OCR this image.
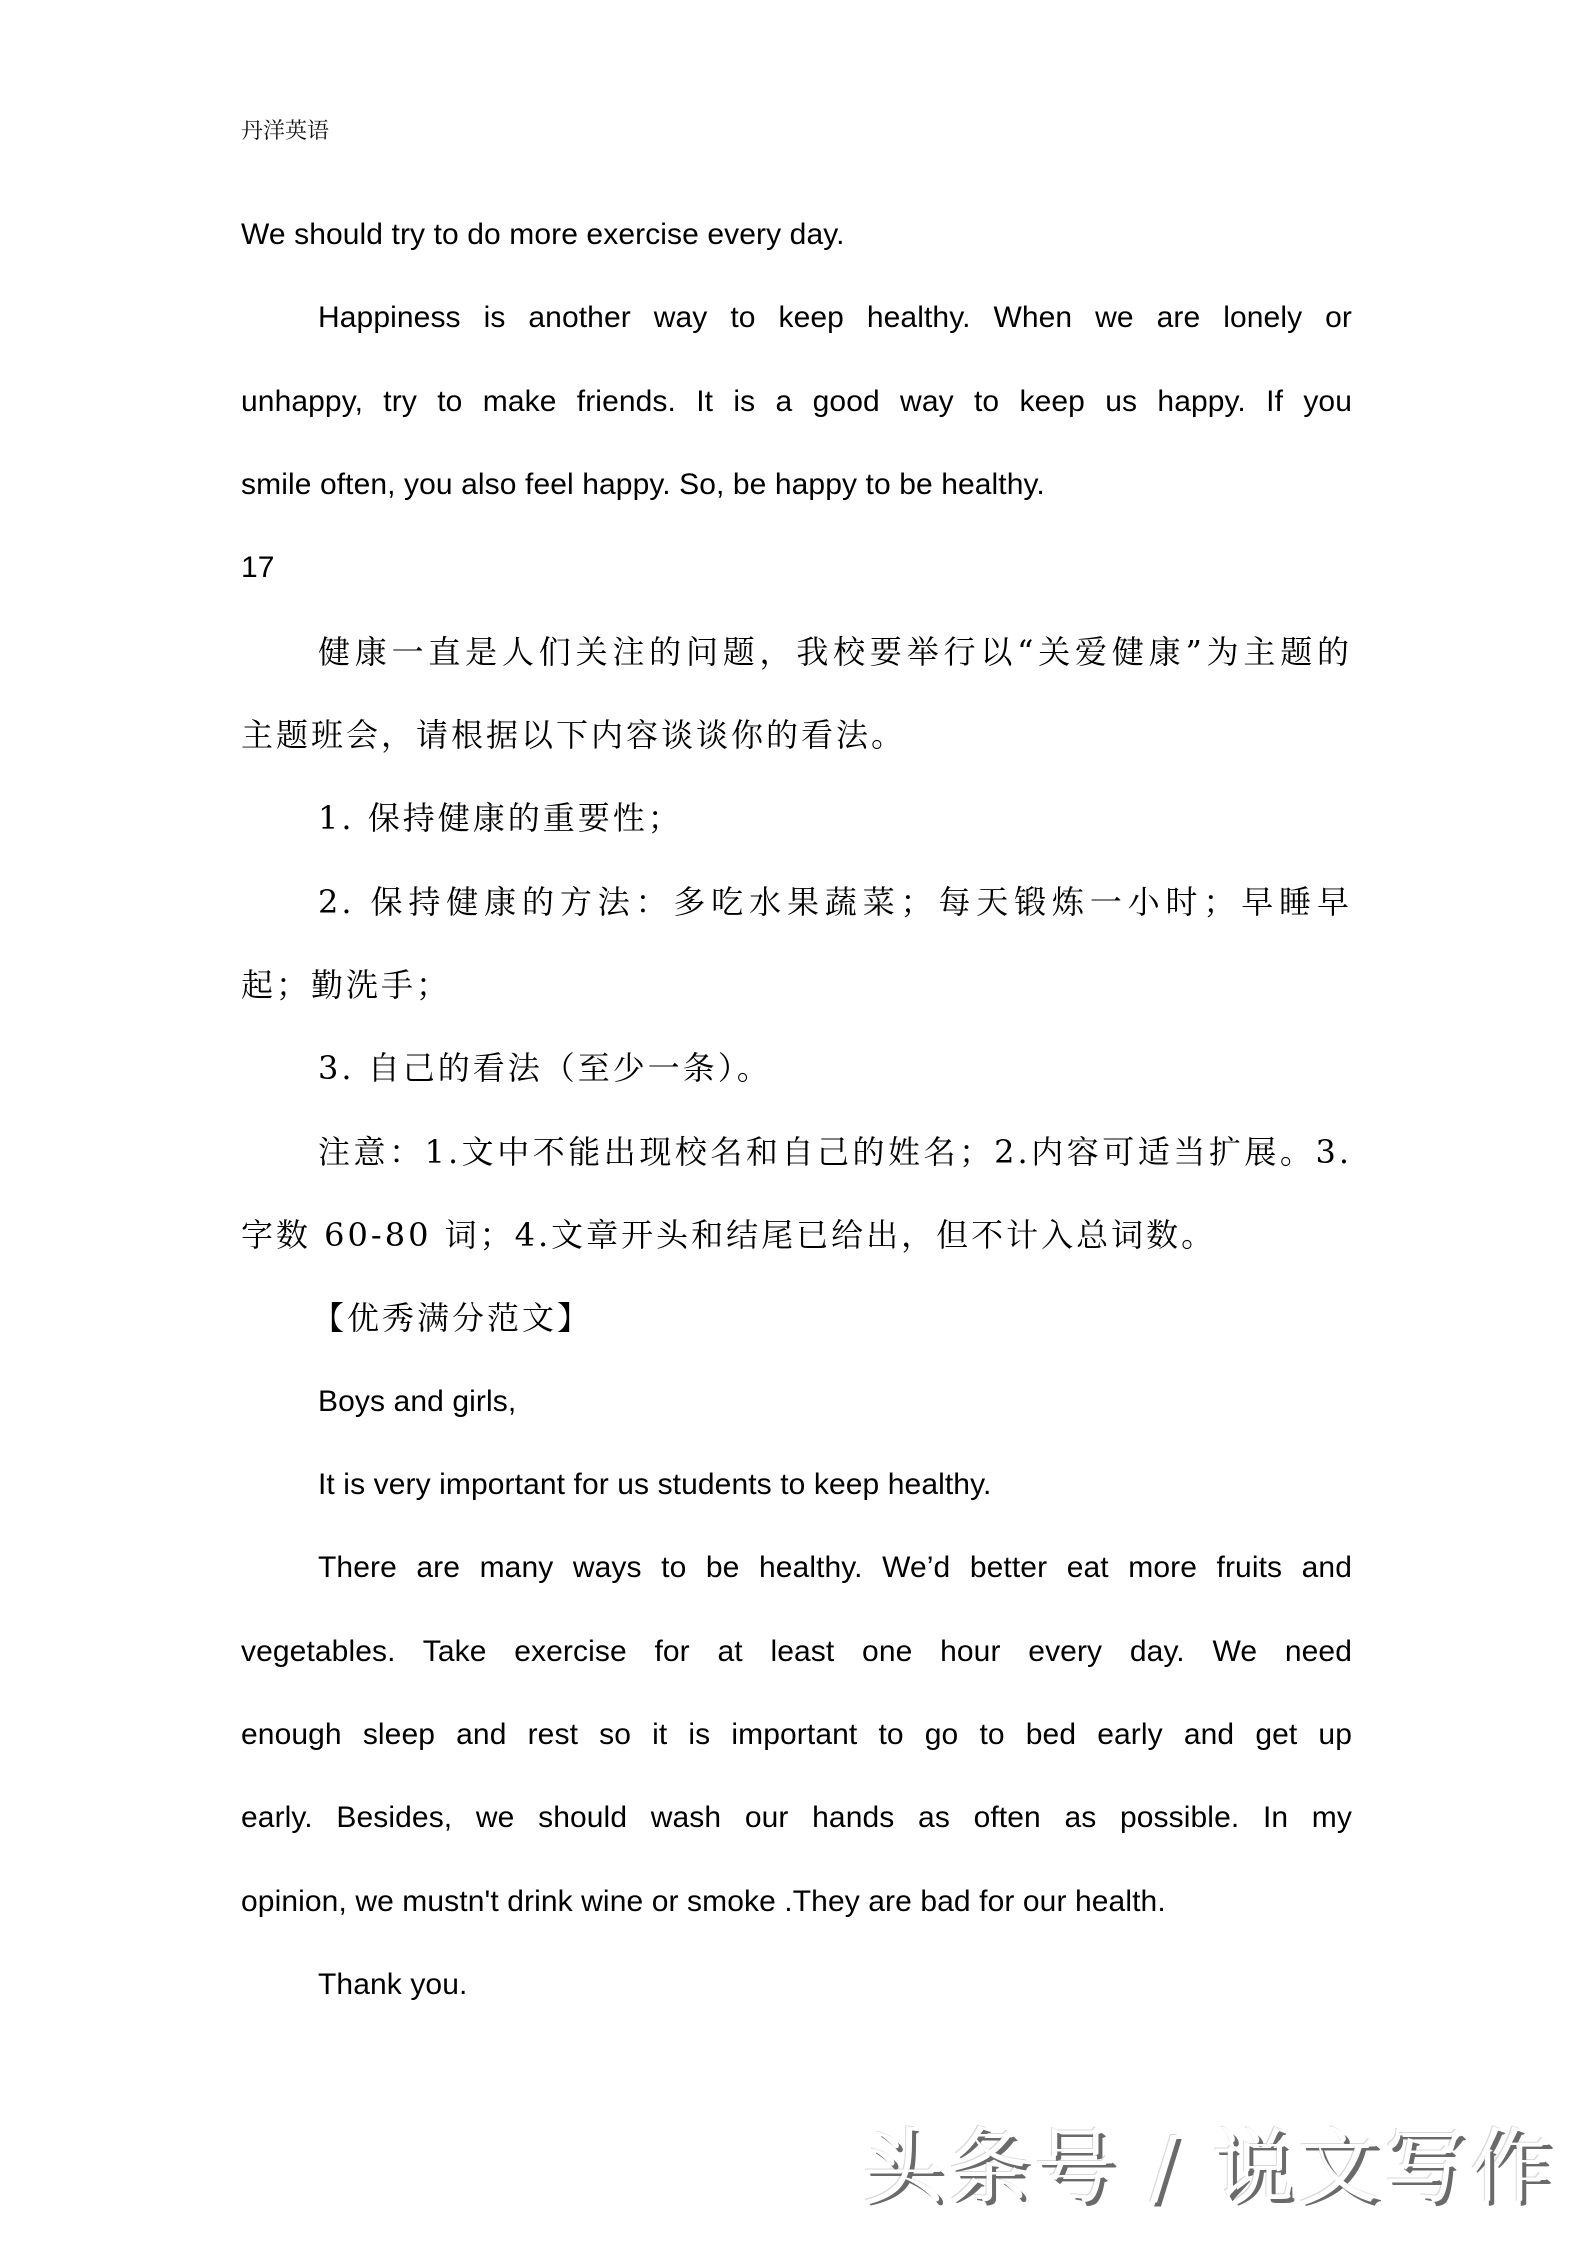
丹洋英语
We should try to do more exercise every day.
Happiness is another way to keep healthy. When we are lonely or
unhappy, try to make friends. It is a good way to keep us happy. If you
smile often, you also feel happy. So, be happy to be healthy.
17
健康一直是人们关注的问题，我校要举行以“关爱健康”为主题的
主题班会，请根据以下内容谈谈你的看法。
1. 保持健康的重要性；
2. 保持健康的方法：多吃水果蔬菜；每天锻炼一小时；早睡早
起；勤洗手；
3. 自己的看法（至少一条）。
注意：1.文中不能出现校名和自己的姓名；2.内容可适当扩展。3.
字数 60-80 词；4.文章开头和结尾已给出，但不计入总词数。
【优秀满分范文】
Boys and girls,
It is very important for us students to keep healthy.
There are many ways to be healthy. We’d better eat more fruits and
vegetables. Take exercise for at least one hour every day. We need
enough sleep and rest so it is important to go to bed early and get up
early. Besides, we should wash our hands as often as possible. In my
opinion, we mustn't drink wine or smoke .They are bad for our health.
Thank you.
头条号 / 说文写作
